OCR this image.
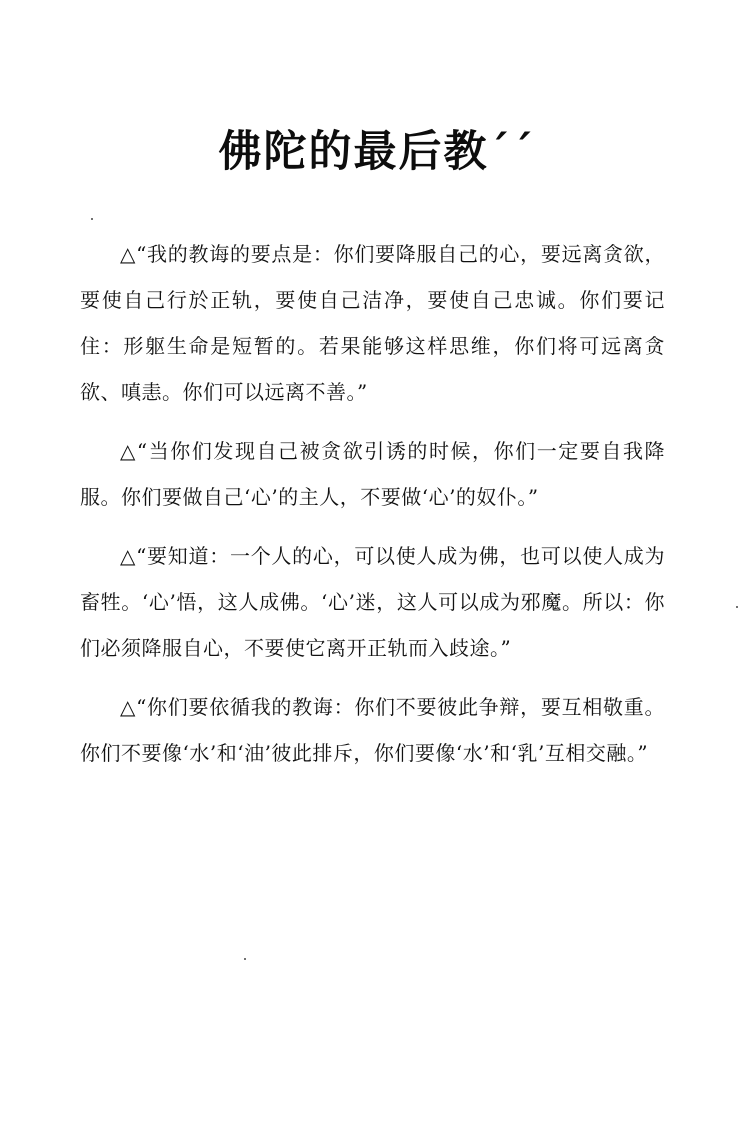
佛陀的最后教´´

△“我的教诲的要点是：你们要降服自己的心，要远离贪欲，要使自己行於正轨，要使自己洁净，要使自己忠诚。你们要记住：形躯生命是短暂的。若果能够这样思维，你们将可远离贪欲、嗔恚。你们可以远离不善。”

△“当你们发现自己被贪欲引诱的时候，你们一定要自我降服。你们要做自己‘心’的主人，不要做‘心’的奴仆。”

△“要知道：一个人的心，可以使人成为佛，也可以使人成为畜牲。‘心’悟，这人成佛。‘心’迷，这人可以成为邪魔。所以：你们必须降服自心，不要使它离开正轨而入歧途。”

△“你们要依循我的教诲：你们不要彼此争辩，要互相敬重。你们不要像‘水’和‘油’彼此排斥，你们要像‘水’和‘乳’互相交融。”
